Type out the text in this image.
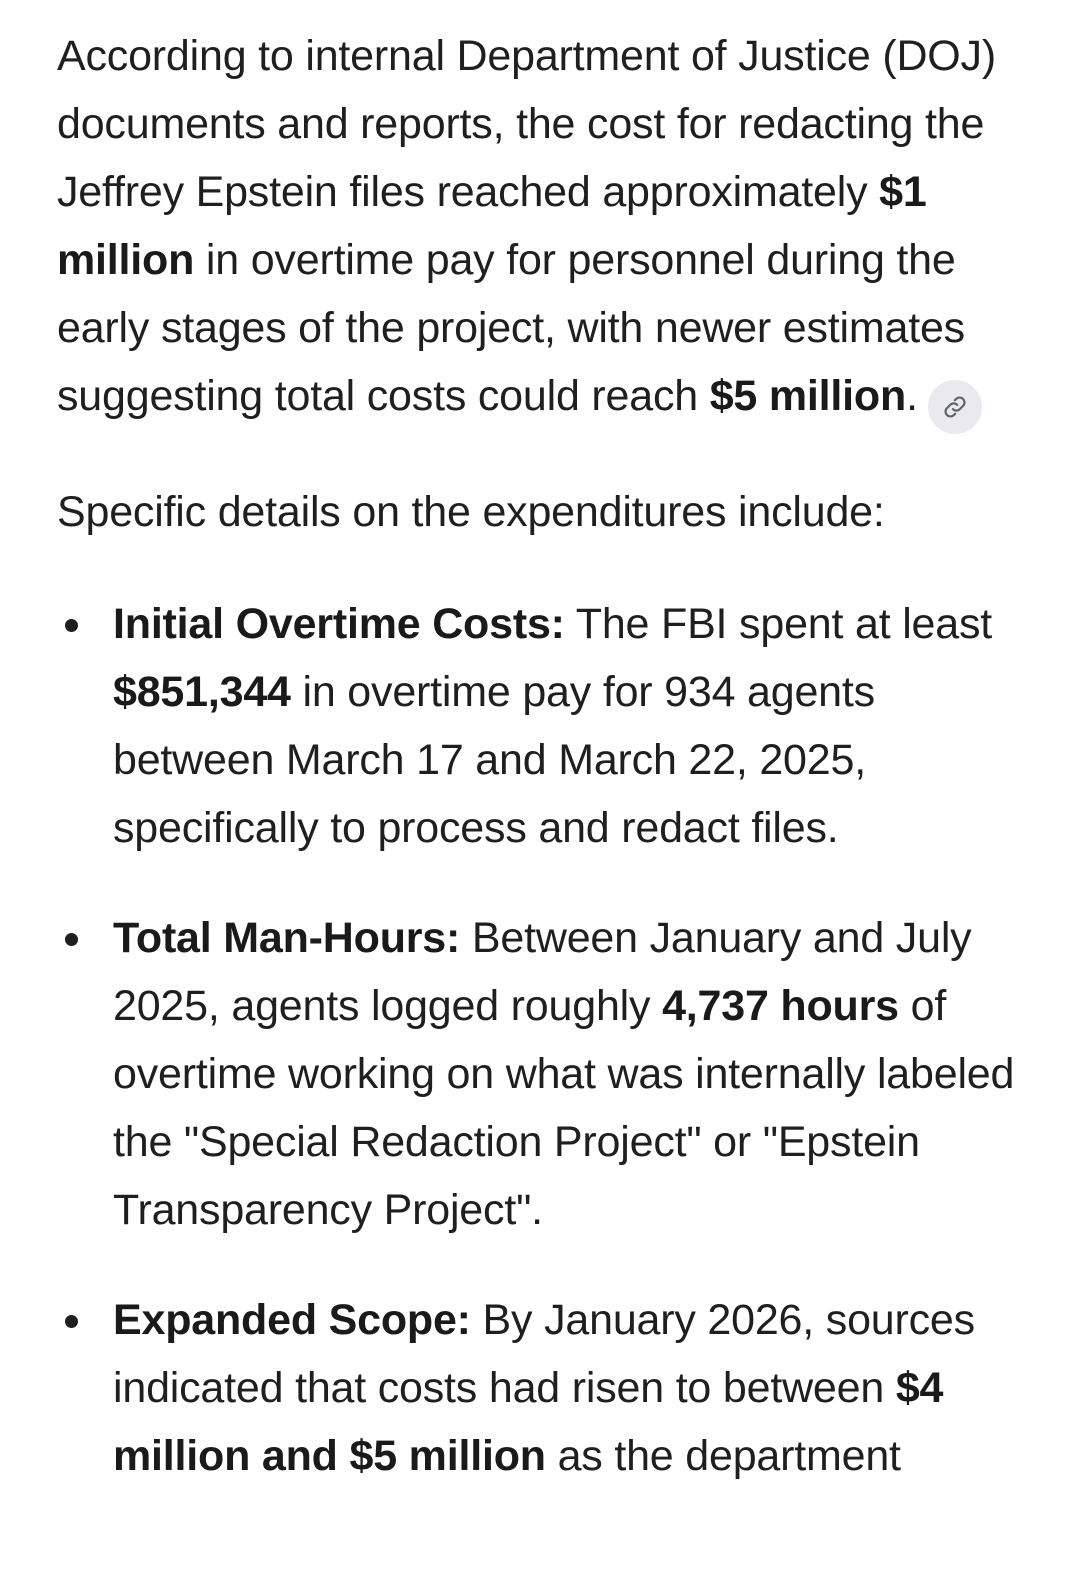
According to internal Department of Justice (DOJ) documents and reports, the cost for redacting the Jeffrey Epstein files reached approximately $1 million in overtime pay for personnel during the early stages of the project, with newer estimates suggesting total costs could reach $5 million.

Specific details on the expenditures include:

Initial Overtime Costs: The FBI spent at least $851,344 in overtime pay for 934 agents between March 17 and March 22, 2025, specifically to process and redact files.
Total Man-Hours: Between January and July 2025, agents logged roughly 4,737 hours of overtime working on what was internally labeled the "Special Redaction Project" or "Epstein Transparency Project".
Expanded Scope: By January 2026, sources indicated that costs had risen to between $4 million and $5 million as the department
